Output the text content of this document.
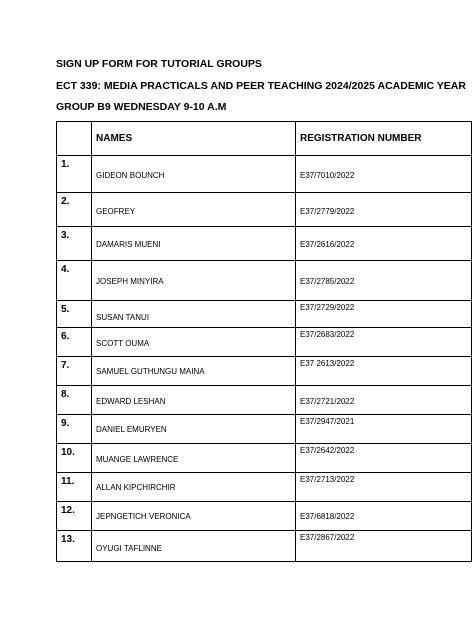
SIGN UP FORM FOR TUTORIAL GROUPS
ECT 339: MEDIA PRACTICALS AND PEER TEACHING 2024/2025 ACADEMIC YEAR
GROUP B9 WEDNESDAY 9-10 A.M
	NAMES	REGISTRATION NUMBER

1.	GIDEON BOUNCH	E37/7010/2022

2.	GEOFREY	E37/2779/2022

3.	DAMARIS MUENI	E37/2616/2022

4.	JOSEPH MINYIRA	E37/2785/2022

5.	SUSAN TANUI	E37/2729/2022

6.	SCOTT OUMA	E37/2683/2022

7.	SAMUEL GUTHUNGU MAINA	E37 2613/2022

8.	EDWARD LESHAN	E37/2721/2022

9.	DANIEL EMURYEN	E37/2947/2021

10.	MUANGE LAWRENCE	E37/2642/2022

11.	ALLAN KIPCHIRCHIR	E37/2713/2022

12.	JEPNGETICH VERONICA	E37/6818/2022

13.	OYUGI TAFLINNE	E37/2867/2022
